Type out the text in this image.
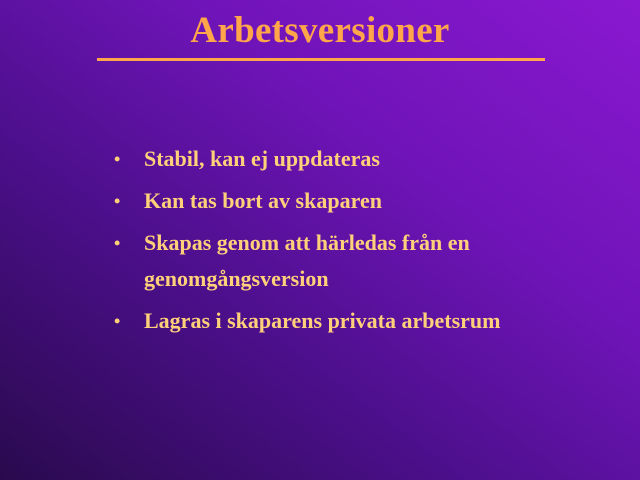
Arbetsversioner
• Stabil, kan ej uppdateras
• Kan tas bort av skaparen
• Skapas genom att härledas från en genomgångsversion
• Lagras i skaparens privata arbetsrum
